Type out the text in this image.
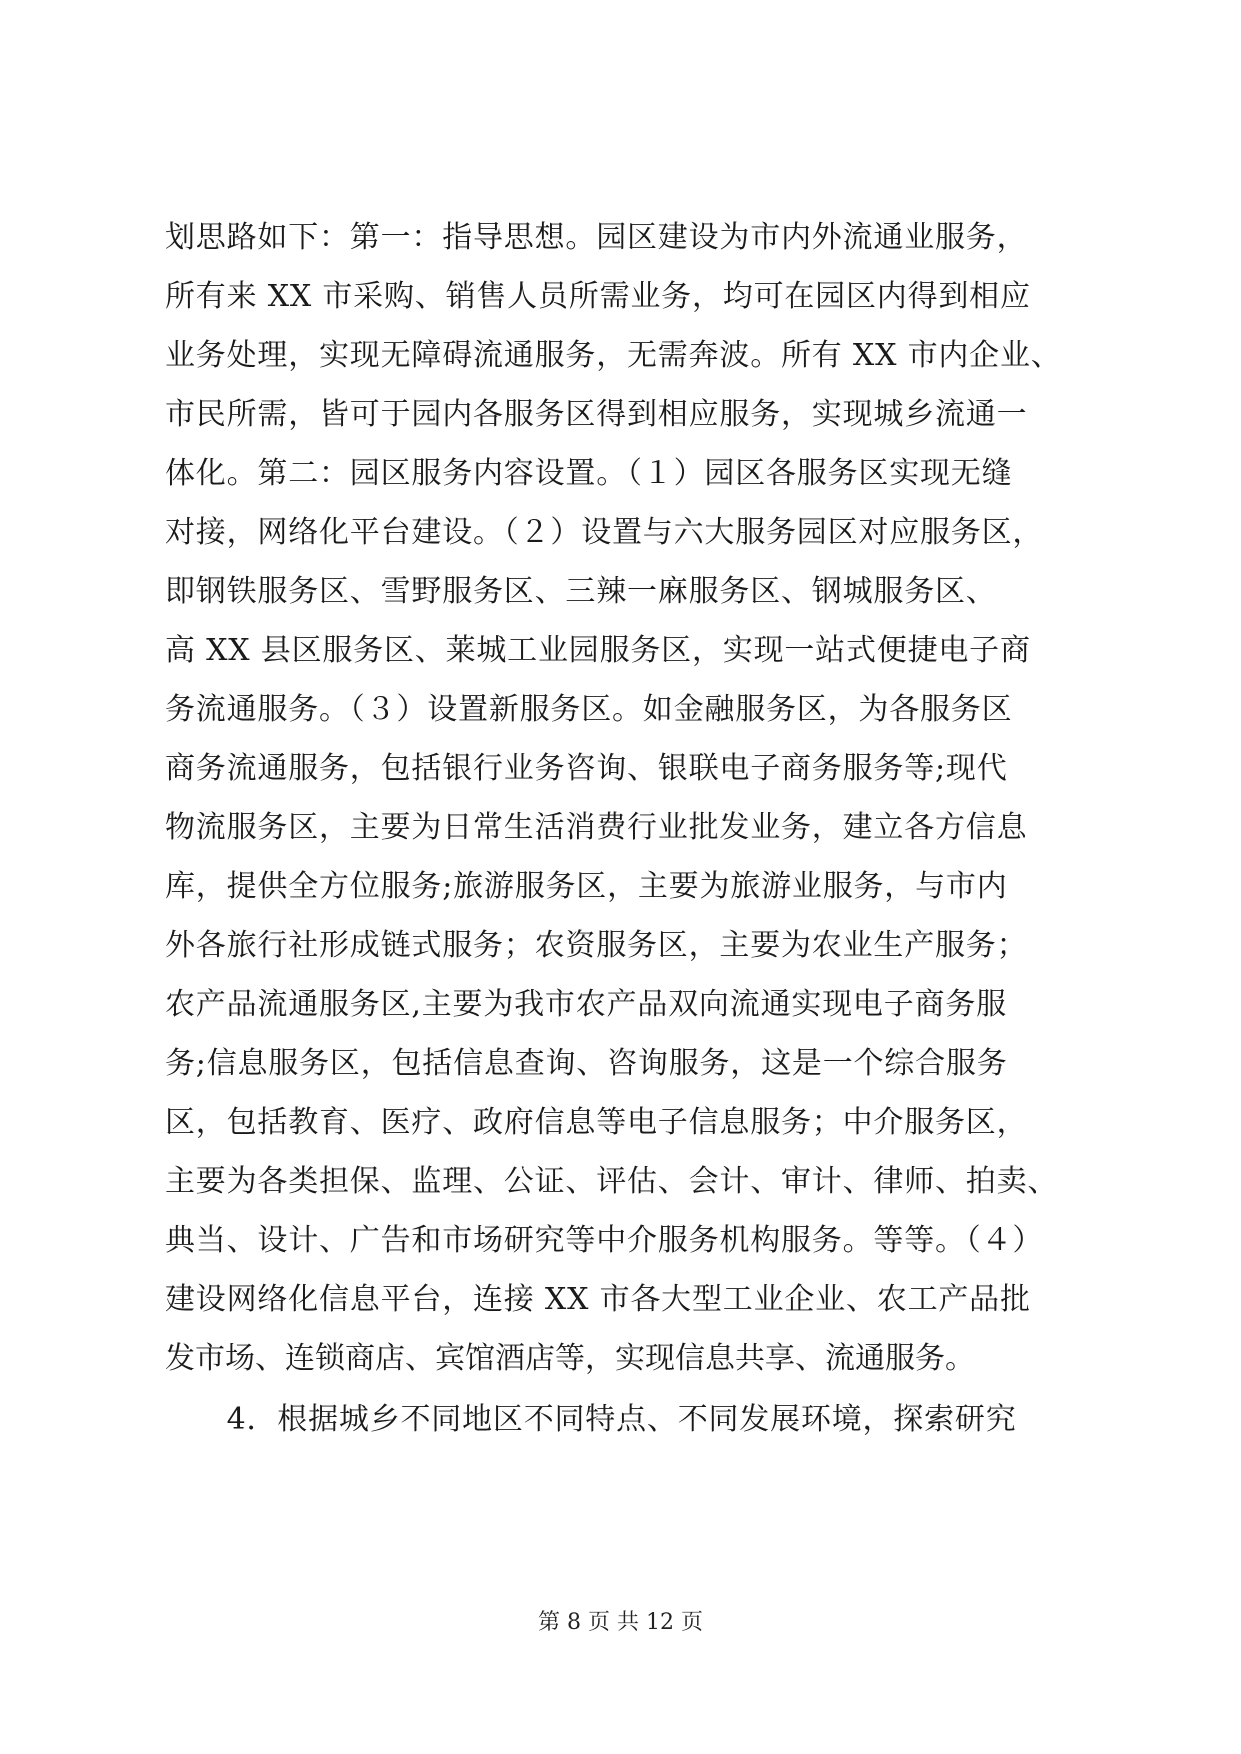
划思路如下：第一：指导思想。园区建设为市内外流通业服务，
所有来 XX 市采购、销售人员所需业务，均可在园区内得到相应
业务处理，实现无障碍流通服务，无需奔波。所有 XX 市内企业、
市民所需，皆可于园内各服务区得到相应服务，实现城乡流通一
体化。第二：园区服务内容设置。（１）园区各服务区实现无缝
对接，网络化平台建设。（２）设置与六大服务园区对应服务区，
即钢铁服务区、雪野服务区、三辣一麻服务区、钢城服务区、
高 XX 县区服务区、莱城工业园服务区，实现一站式便捷电子商
务流通服务。（３）设置新服务区。如金融服务区，为各服务区
商务流通服务，包括银行业务咨询、银联电子商务服务等;现代
物流服务区，主要为日常生活消费行业批发业务，建立各方信息
库，提供全方位服务;旅游服务区，主要为旅游业服务，与市内
外各旅行社形成链式服务；农资服务区，主要为农业生产服务；
农产品流通服务区,主要为我市农产品双向流通实现电子商务服
务;信息服务区，包括信息查询、咨询服务，这是一个综合服务
区，包括教育、医疗、政府信息等电子信息服务；中介服务区，
主要为各类担保、监理、公证、评估、会计、审计、律师、拍卖、
典当、设计、广告和市场研究等中介服务机构服务。等等。（４）
建设网络化信息平台，连接 XX 市各大型工业企业、农工产品批
发市场、连锁商店、宾馆酒店等，实现信息共享、流通服务。
　　4．根据城乡不同地区不同特点、不同发展环境，探索研究
第 8 页 共 12 页
